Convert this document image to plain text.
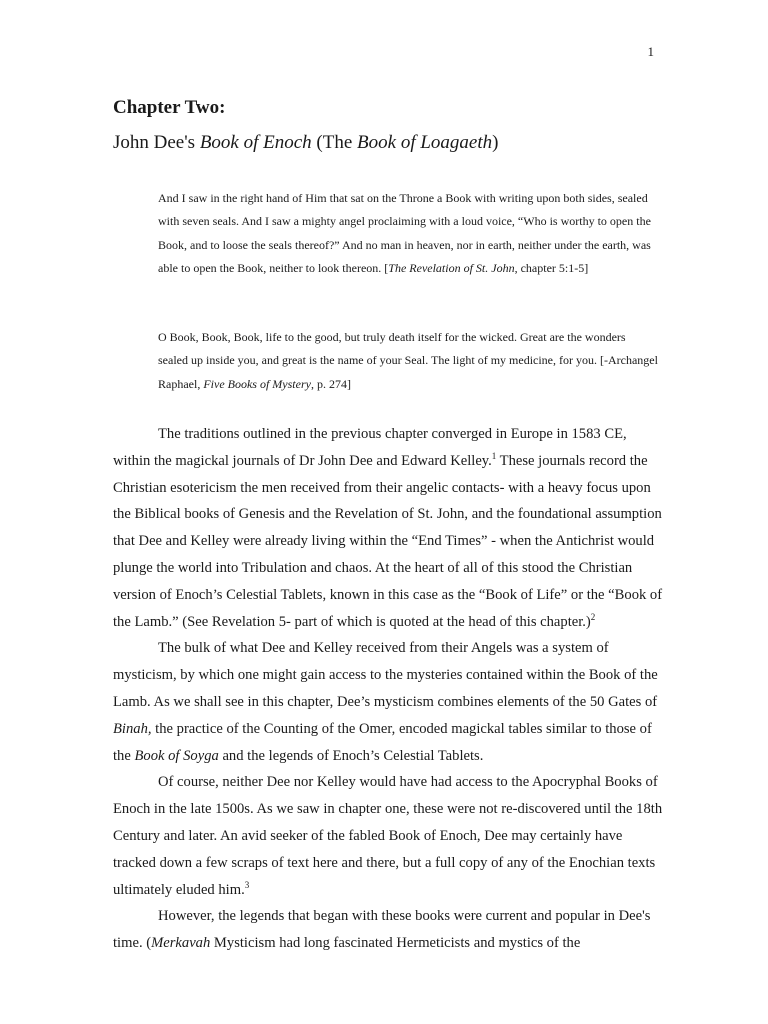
1
Chapter Two:
John Dee's Book of Enoch (The Book of Loagaeth)

And I saw in the right hand of Him that sat on the Throne a Book with writing upon both sides, sealed with seven seals. And I saw a mighty angel proclaiming with a loud voice, “Who is worthy to open the Book, and to loose the seals thereof?” And no man in heaven, nor in earth, neither under the earth, was able to open the Book, neither to look thereon. [The Revelation of St. John, chapter 5:1-5]

O Book, Book, Book, life to the good, but truly death itself for the wicked. Great are the wonders sealed up inside you, and great is the name of your Seal. The light of my medicine, for you. [-Archangel Raphael, Five Books of Mystery, p. 274]

The traditions outlined in the previous chapter converged in Europe in 1583 CE, within the magickal journals of Dr John Dee and Edward Kelley.$^1$ These journals record the Christian esotericism the men received from their angelic contacts- with a heavy focus upon the Biblical books of Genesis and the Revelation of St. John, and the foundational assumption that Dee and Kelley were already living within the “End Times” - when the Antichrist would plunge the world into Tribulation and chaos. At the heart of all of this stood the Christian version of Enoch’s Celestial Tablets, known in this case as the “Book of Life” or the “Book of the Lamb.” (See Revelation 5- part of which is quoted at the head of this chapter.)$^2$

The bulk of what Dee and Kelley received from their Angels was a system of mysticism, by which one might gain access to the mysteries contained within the Book of the Lamb. As we shall see in this chapter, Dee’s mysticism combines elements of the 50 Gates of Binah, the practice of the Counting of the Omer, encoded magickal tables similar to those of the Book of Soyga and the legends of Enoch’s Celestial Tablets.

Of course, neither Dee nor Kelley would have had access to the Apocryphal Books of Enoch in the late 1500s. As we saw in chapter one, these were not re-discovered until the 18th Century and later. An avid seeker of the fabled Book of Enoch, Dee may certainly have tracked down a few scraps of text here and there, but a full copy of any of the Enochian texts ultimately eluded him.$^3$

However, the legends that began with these books were current and popular in Dee's time. (Merkavah Mysticism had long fascinated Hermeticists and mystics of the
